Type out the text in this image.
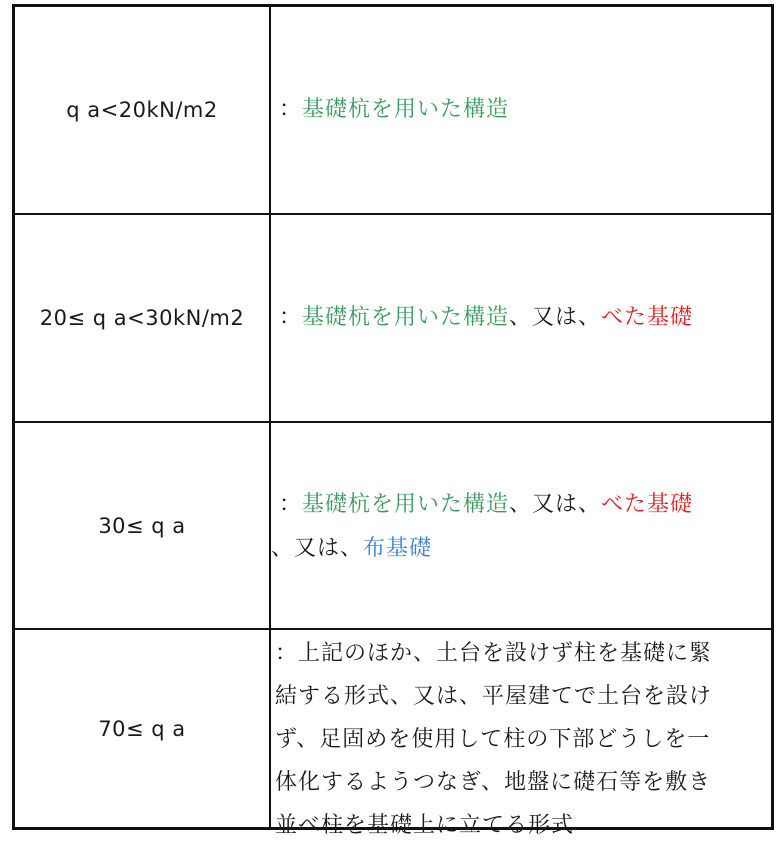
q a<20kN/m2	： 基礎杭を用いた構造
20≤ q a<30kN/m2	： 基礎杭を用いた構造 、又は、 べた基礎
30≤ q a
：基礎杭を用いた構造、又は、べた基礎
、又は、布基礎
70≤ q a
：上記のほか、土台を設けず柱を基礎に緊
結する形式、又は、平屋建てで土台を設け
ず、足固めを使用して柱の下部どうしを一
体化するようつなぎ、地盤に礎石等を敷き
並べ柱を基礎上に立てる形式
